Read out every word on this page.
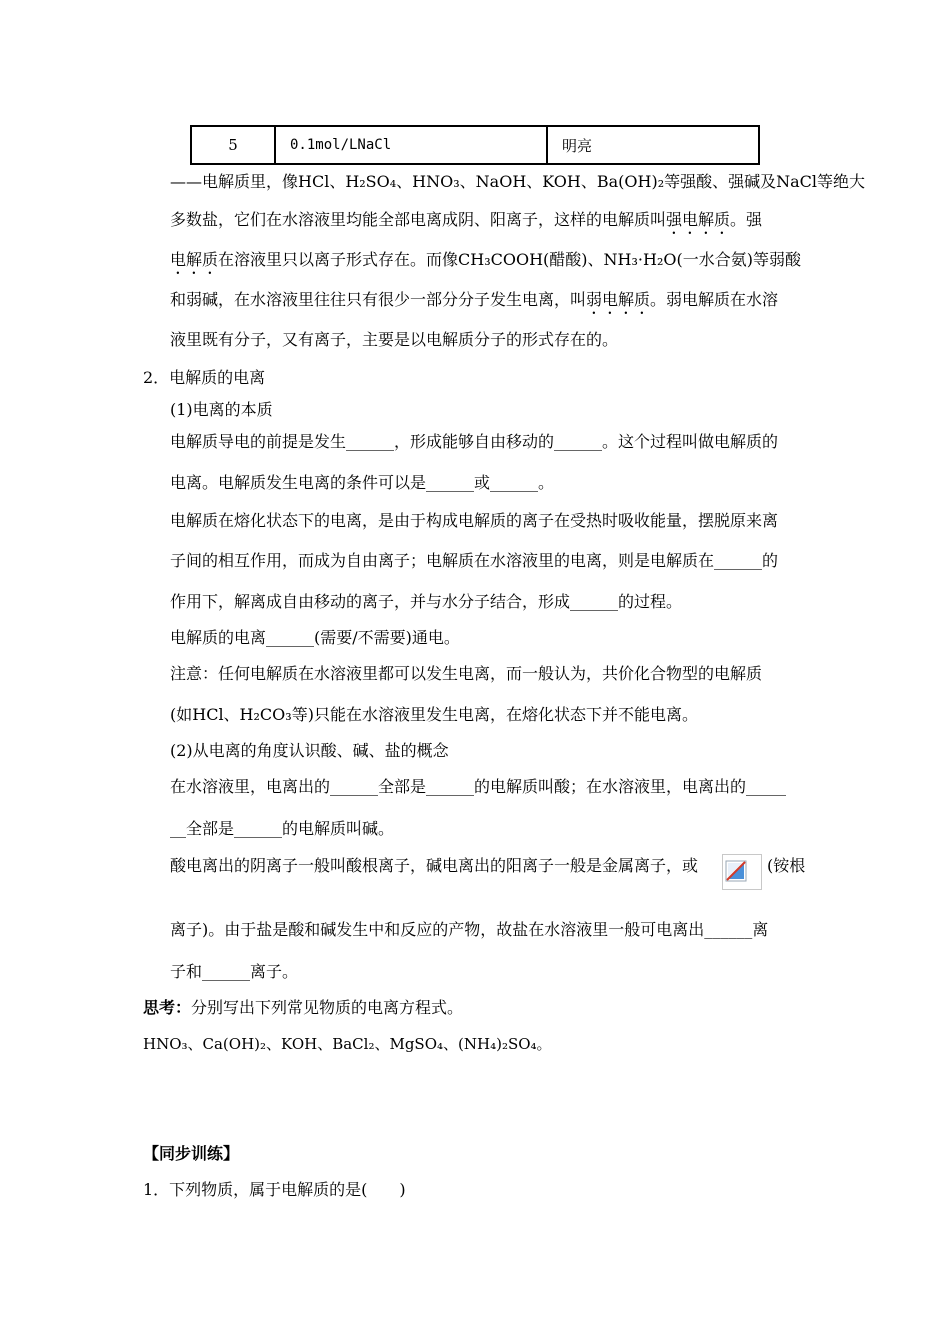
5	0.1mol/LNaCl	明亮
——电解质里，像HCl、H₂SO₄、HNO₃、NaOH、KOH、Ba(OH)₂等强酸、强碱及NaCl等绝大
多数盐，它们在水溶液里均能全部电离成阴、阳离子，这样的电解质叫强电解质。强
电解质在溶液里只以离子形式存在。而像CH₃COOH(醋酸)、NH₃·H₂O(一水合氨)等弱酸
和弱碱，在水溶液里往往只有很少一部分分子发生电离，叫弱电解质。弱电解质在水溶
液里既有分子，又有离子，主要是以电解质分子的形式存在的。
2．电解质的电离
(1)电离的本质
电解质导电的前提是发生______，形成能够自由移动的______。这个过程叫做电解质的
电离。电解质发生电离的条件可以是______或______。
电解质在熔化状态下的电离，是由于构成电解质的离子在受热时吸收能量，摆脱原来离
子间的相互作用，而成为自由离子；电解质在水溶液里的电离，则是电解质在______的
作用下，解离成自由移动的离子，并与水分子结合，形成______的过程。
电解质的电离______(需要/不需要)通电。
注意：任何电解质在水溶液里都可以发生电离，而一般认为，共价化合物型的电解质
(如HCl、H₂CO₃等)只能在水溶液里发生电离，在熔化状态下并不能电离。
(2)从电离的角度认识酸、碱、盐的概念
在水溶液里，电离出的______全部是______的电解质叫酸；在水溶液里，电离出的_____
__全部是______的电解质叫碱。
酸电离出的阴离子一般叫酸根离子，碱电离出的阳离子一般是金属离子，或	(铵根
离子)。由于盐是酸和碱发生中和反应的产物，故盐在水溶液里一般可电离出______离
子和______离子。
思考：分别写出下列常见物质的电离方程式。
HNO₃、Ca(OH)₂、KOH、BaCl₂、MgSO₄、(NH₄)₂SO₄。
【同步训练】
1．下列物质，属于电解质的是(　　)
